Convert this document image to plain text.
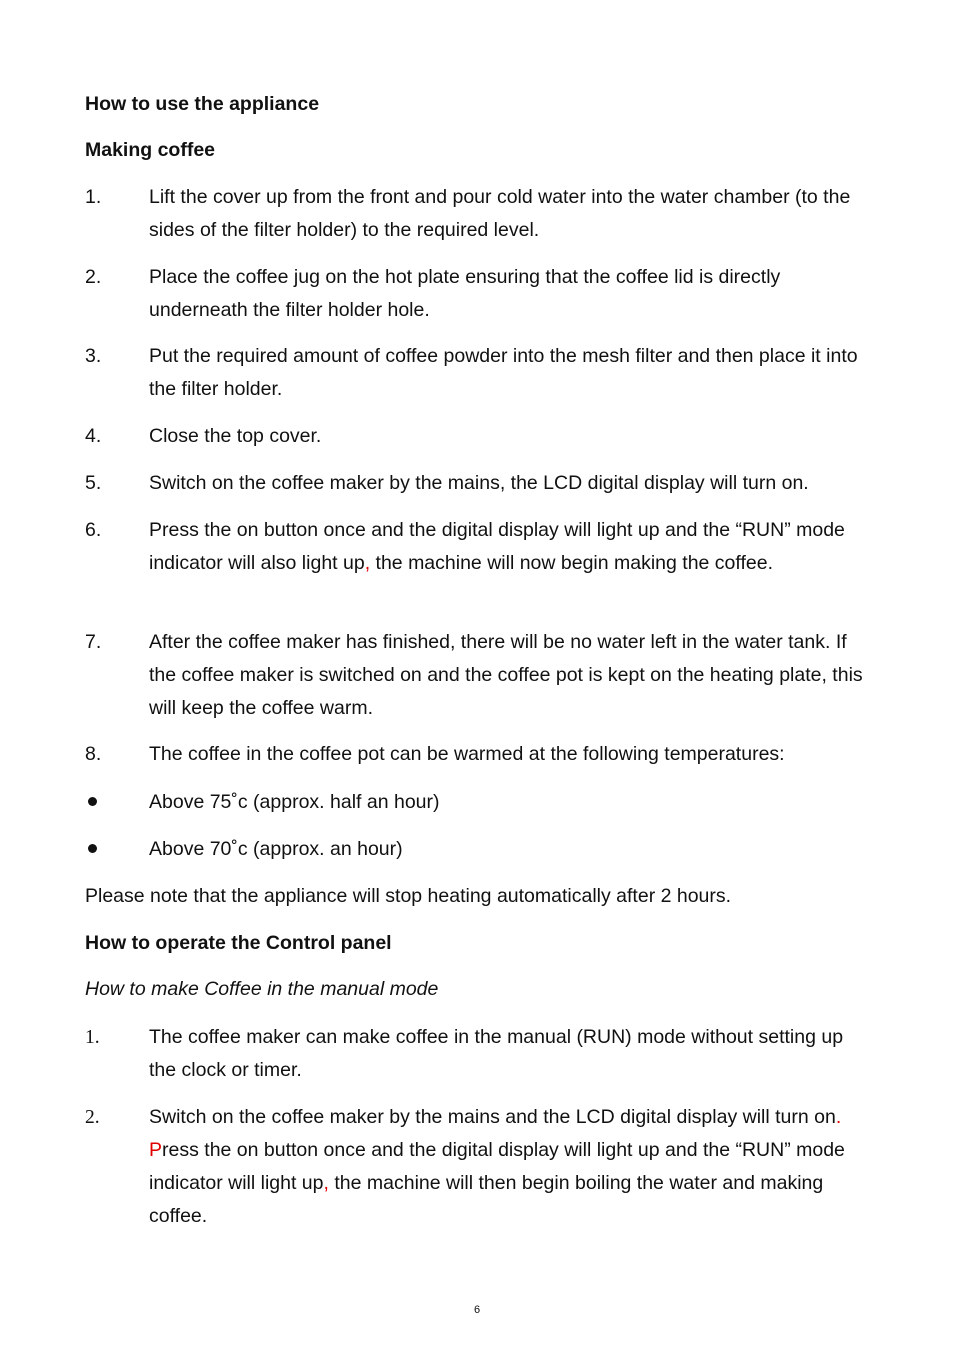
How to use the appliance
Making coffee
1.	Lift the cover up from the front and pour cold water into the water chamber (to the sides of the filter holder) to the required level.
2.	Place the coffee jug on the hot plate ensuring that the coffee lid is directly underneath the filter holder hole.
3.	Put the required amount of coffee powder into the mesh filter and then place it into the filter holder.
4.	Close the top cover.
5.	Switch on the coffee maker by the mains, the LCD digital display will turn on.
6.	Press the on button once and the digital display will light up and the “RUN” mode indicator will also light up, the machine will now begin making the coffee.
7.	After the coffee maker has finished, there will be no water left in the water tank. If the coffee maker is switched on and the coffee pot is kept on the heating plate, this will keep the coffee warm.
8.	The coffee in the coffee pot can be warmed at the following temperatures:
Above 75˚c (approx. half an hour)
Above 70˚c (approx. an hour)
Please note that the appliance will stop heating automatically after 2 hours.
How to operate the Control panel
How to make Coffee in the manual mode
1.	The coffee maker can make coffee in the manual (RUN) mode without setting up the clock or timer.
2.	Switch on the coffee maker by the mains and the LCD digital display will turn on. Press the on button once and the digital display will light up and the “RUN” mode indicator will light up, the machine will then begin boiling the water and making coffee.
6
